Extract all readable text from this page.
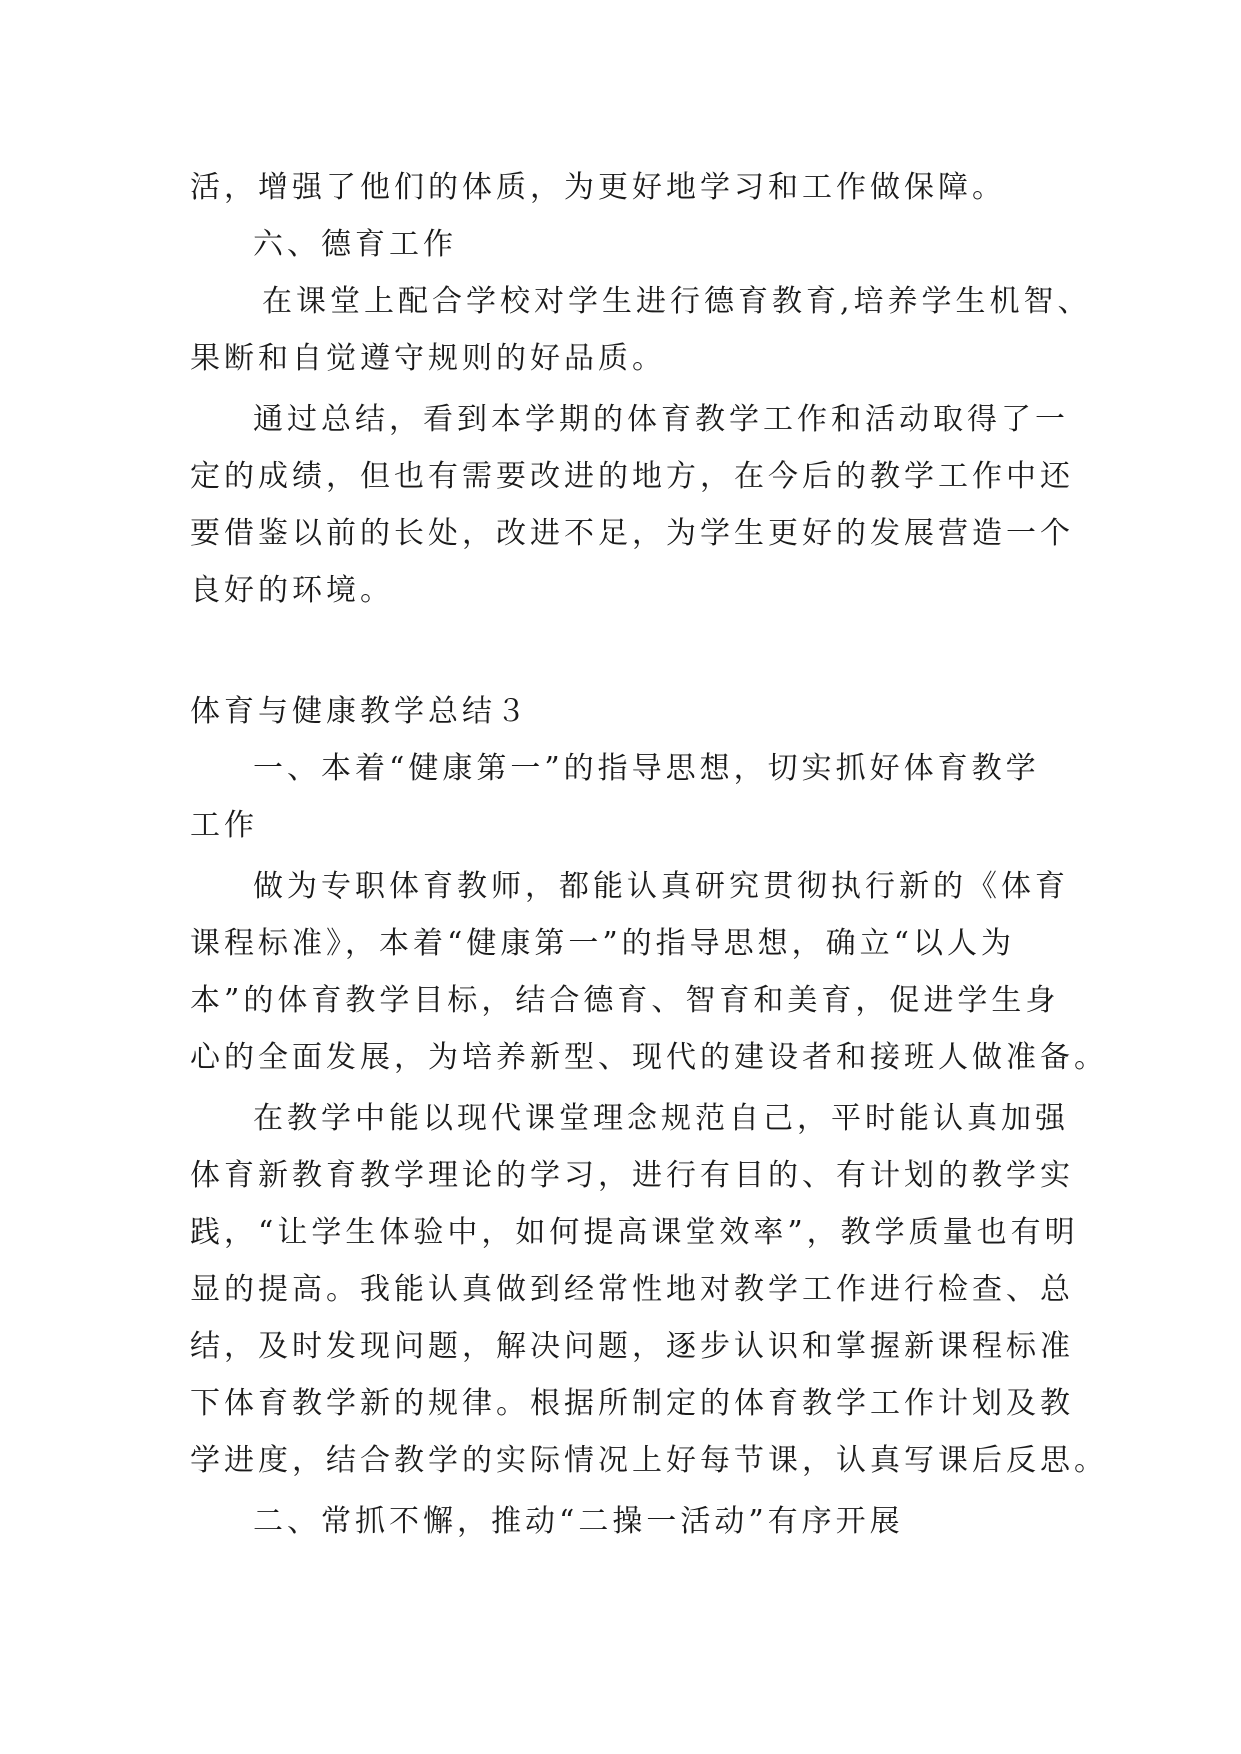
活，增强了他们的体质，为更好地学习和工作做保障。
六、德育工作
在课堂上配合学校对学生进行德育教育,培养学生机智、
果断和自觉遵守规则的好品质。
通过总结，看到本学期的体育教学工作和活动取得了一
定的成绩，但也有需要改进的地方，在今后的教学工作中还
要借鉴以前的长处，改进不足，为学生更好的发展营造一个
良好的环境。
体育与健康教学总结３
一、本着“健康第一”的指导思想，切实抓好体育教学
工作
做为专职体育教师，都能认真研究贯彻执行新的《体育
课程标准》，本着“健康第一”的指导思想，确立“以人为
本”的体育教学目标，结合德育、智育和美育，促进学生身
心的全面发展，为培养新型、现代的建设者和接班人做准备。
在教学中能以现代课堂理念规范自己，平时能认真加强
体育新教育教学理论的学习，进行有目的、有计划的教学实
践，“让学生体验中，如何提高课堂效率”，教学质量也有明
显的提高。我能认真做到经常性地对教学工作进行检查、总
结，及时发现问题，解决问题，逐步认识和掌握新课程标准
下体育教学新的规律。根据所制定的体育教学工作计划及教
学进度，结合教学的实际情况上好每节课，认真写课后反思。
二、常抓不懈，推动“二操一活动”有序开展
